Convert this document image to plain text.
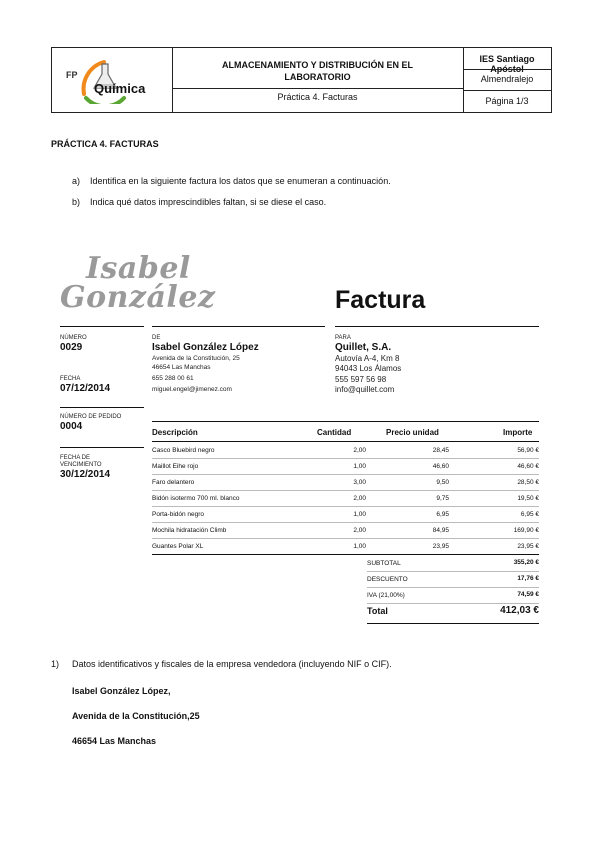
FP
Química
ALMACENAMIENTO Y DISTRIBUCIÓN EN EL LABORATORIO
Práctica 4. Facturas
IES Santiago Apóstol
Almendralejo
Página 1/3
PRÁCTICA 4. FACTURAS
a) Identifica en la siguiente factura los datos que se enumeran a continuación.
b) Indica qué datos imprescindibles faltan, si se diese el caso.
Isabel
González	Factura
NÚMERO
0029
FECHA
07/12/2014
NÚMERO DE PEDIDO
0004
FECHA DE VENCIMIENTO
30/12/2014
DE
Isabel González López
Avenida de la Constitución, 25
46654 Las Manchas
655 288 00 61
miguel.engel@jimenez.com
PARA
Quillet, S.A.
Autovía A-4, Km 8
94043 Los Álamos
555 597 56 98
info@quillet.com
Descripción	Cantidad	Precio unidad	Importe
Casco Bluebird negro	2,00	28,45	56,90 €
Maillot Eihe rojo	1,00	46,60	46,60 €
Faro delantero	3,00	9,50	28,50 €
Bidón isotermo 700 ml. blanco	2,00	9,75	19,50 €
Porta-bidón negro	1,00	6,95	6,95 €
Mochila hidratación Climb	2,00	84,95	169,90 €
Guantes Polar XL	1,00	23,95	23,95 €
SUBTOTAL	355,20 €
DESCUENTO	17,76 €
IVA (21,00%)	74,59 €
Total	412,03 €
1) Datos identificativos y fiscales de la empresa vendedora (incluyendo NIF o CIF).
Isabel González López,
Avenida de la Constitución,25
46654 Las Manchas
